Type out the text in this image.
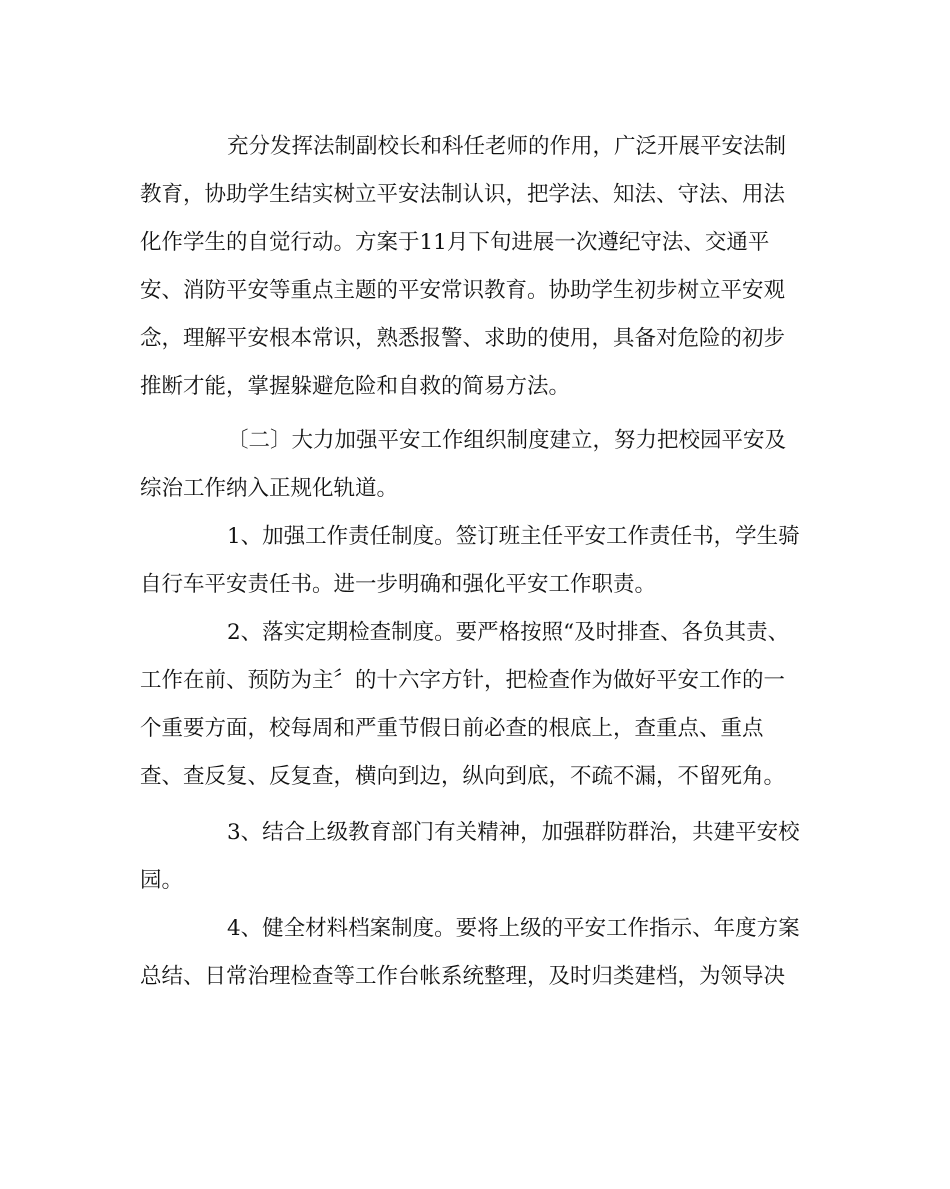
充分发挥法制副校长和科任老师的作用，广泛开展平安法制
教育，协助学生结实树立平安法制认识，把学法、知法、守法、用法
化作学生的自觉行动。方案于11月下旬进展一次遵纪守法、交通平
安、消防平安等重点主题的平安常识教育。协助学生初步树立平安观
念，理解平安根本常识，熟悉报警、求助的使用，具备对危险的初步
推断才能，掌握躲避危险和自救的简易方法。
〔二〕大力加强平安工作组织制度建立，努力把校园平安及
综治工作纳入正规化轨道。
1、加强工作责任制度。签订班主任平安工作责任书，学生骑
自行车平安责任书。进一步明确和强化平安工作职责。
2、落实定期检查制度。要严格按照“及时排查、各负其责、
工作在前、预防为主〞的十六字方针，把检查作为做好平安工作的一
个重要方面，校每周和严重节假日前必查的根底上，查重点、重点
查、查反复、反复查，横向到边，纵向到底，不疏不漏，不留死角。
3、结合上级教育部门有关精神，加强群防群治，共建平安校
园。
4、健全材料档案制度。要将上级的平安工作指示、年度方案
总结、日常治理检查等工作台帐系统整理，及时归类建档，为领导决
